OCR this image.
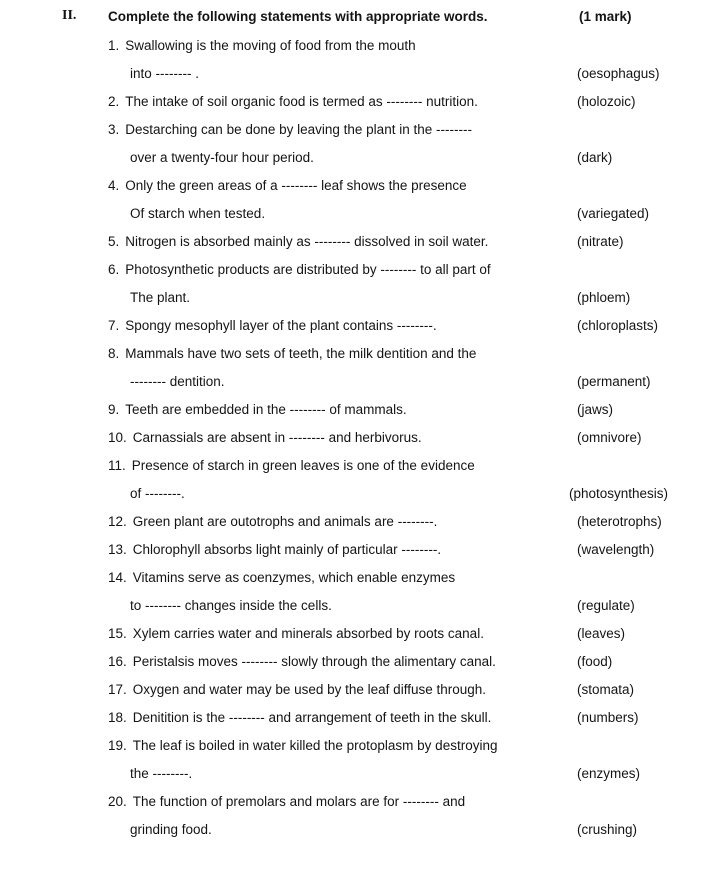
II. Complete the following statements with appropriate words.	(1 mark)
1. Swallowing is the moving of food from the mouth
into -------- .	(oesophagus)
2. The intake of soil organic food is termed as -------- nutrition.	(holozoic)
3. Destarching can be done by leaving the plant in the --------
over a twenty-four hour period.	(dark)
4. Only the green areas of a -------- leaf shows the presence
Of starch when tested.	(variegated)
5. Nitrogen is absorbed mainly as -------- dissolved in soil water.	(nitrate)
6. Photosynthetic products are distributed by -------- to all part of
The plant.	(phloem)
7. Spongy mesophyll layer of the plant contains --------.	(chloroplasts)
8. Mammals have two sets of teeth, the milk dentition and the
-------- dentition.	(permanent)
9. Teeth are embedded in the -------- of mammals.	(jaws)
10. Carnassials are absent in -------- and herbivorus.	(omnivore)
11. Presence of starch in green leaves is one of the evidence
of --------.	(photosynthesis)
12. Green plant are outotrophs and animals are --------.	(heterotrophs)
13. Chlorophyll absorbs light mainly of particular --------.	(wavelength)
14. Vitamins serve as coenzymes, which enable enzymes
to -------- changes inside the cells.	(regulate)
15. Xylem carries water and minerals absorbed by roots canal.	(leaves)
16. Peristalsis moves -------- slowly through the alimentary canal.	(food)
17. Oxygen and water may be used by the leaf diffuse through.	(stomata)
18. Denitition is the -------- and arrangement of teeth in the skull.	(numbers)
19. The leaf is boiled in water killed the protoplasm by destroying
the --------.	(enzymes)
20. The function of premolars and molars are for -------- and
grinding food.	(crushing)
